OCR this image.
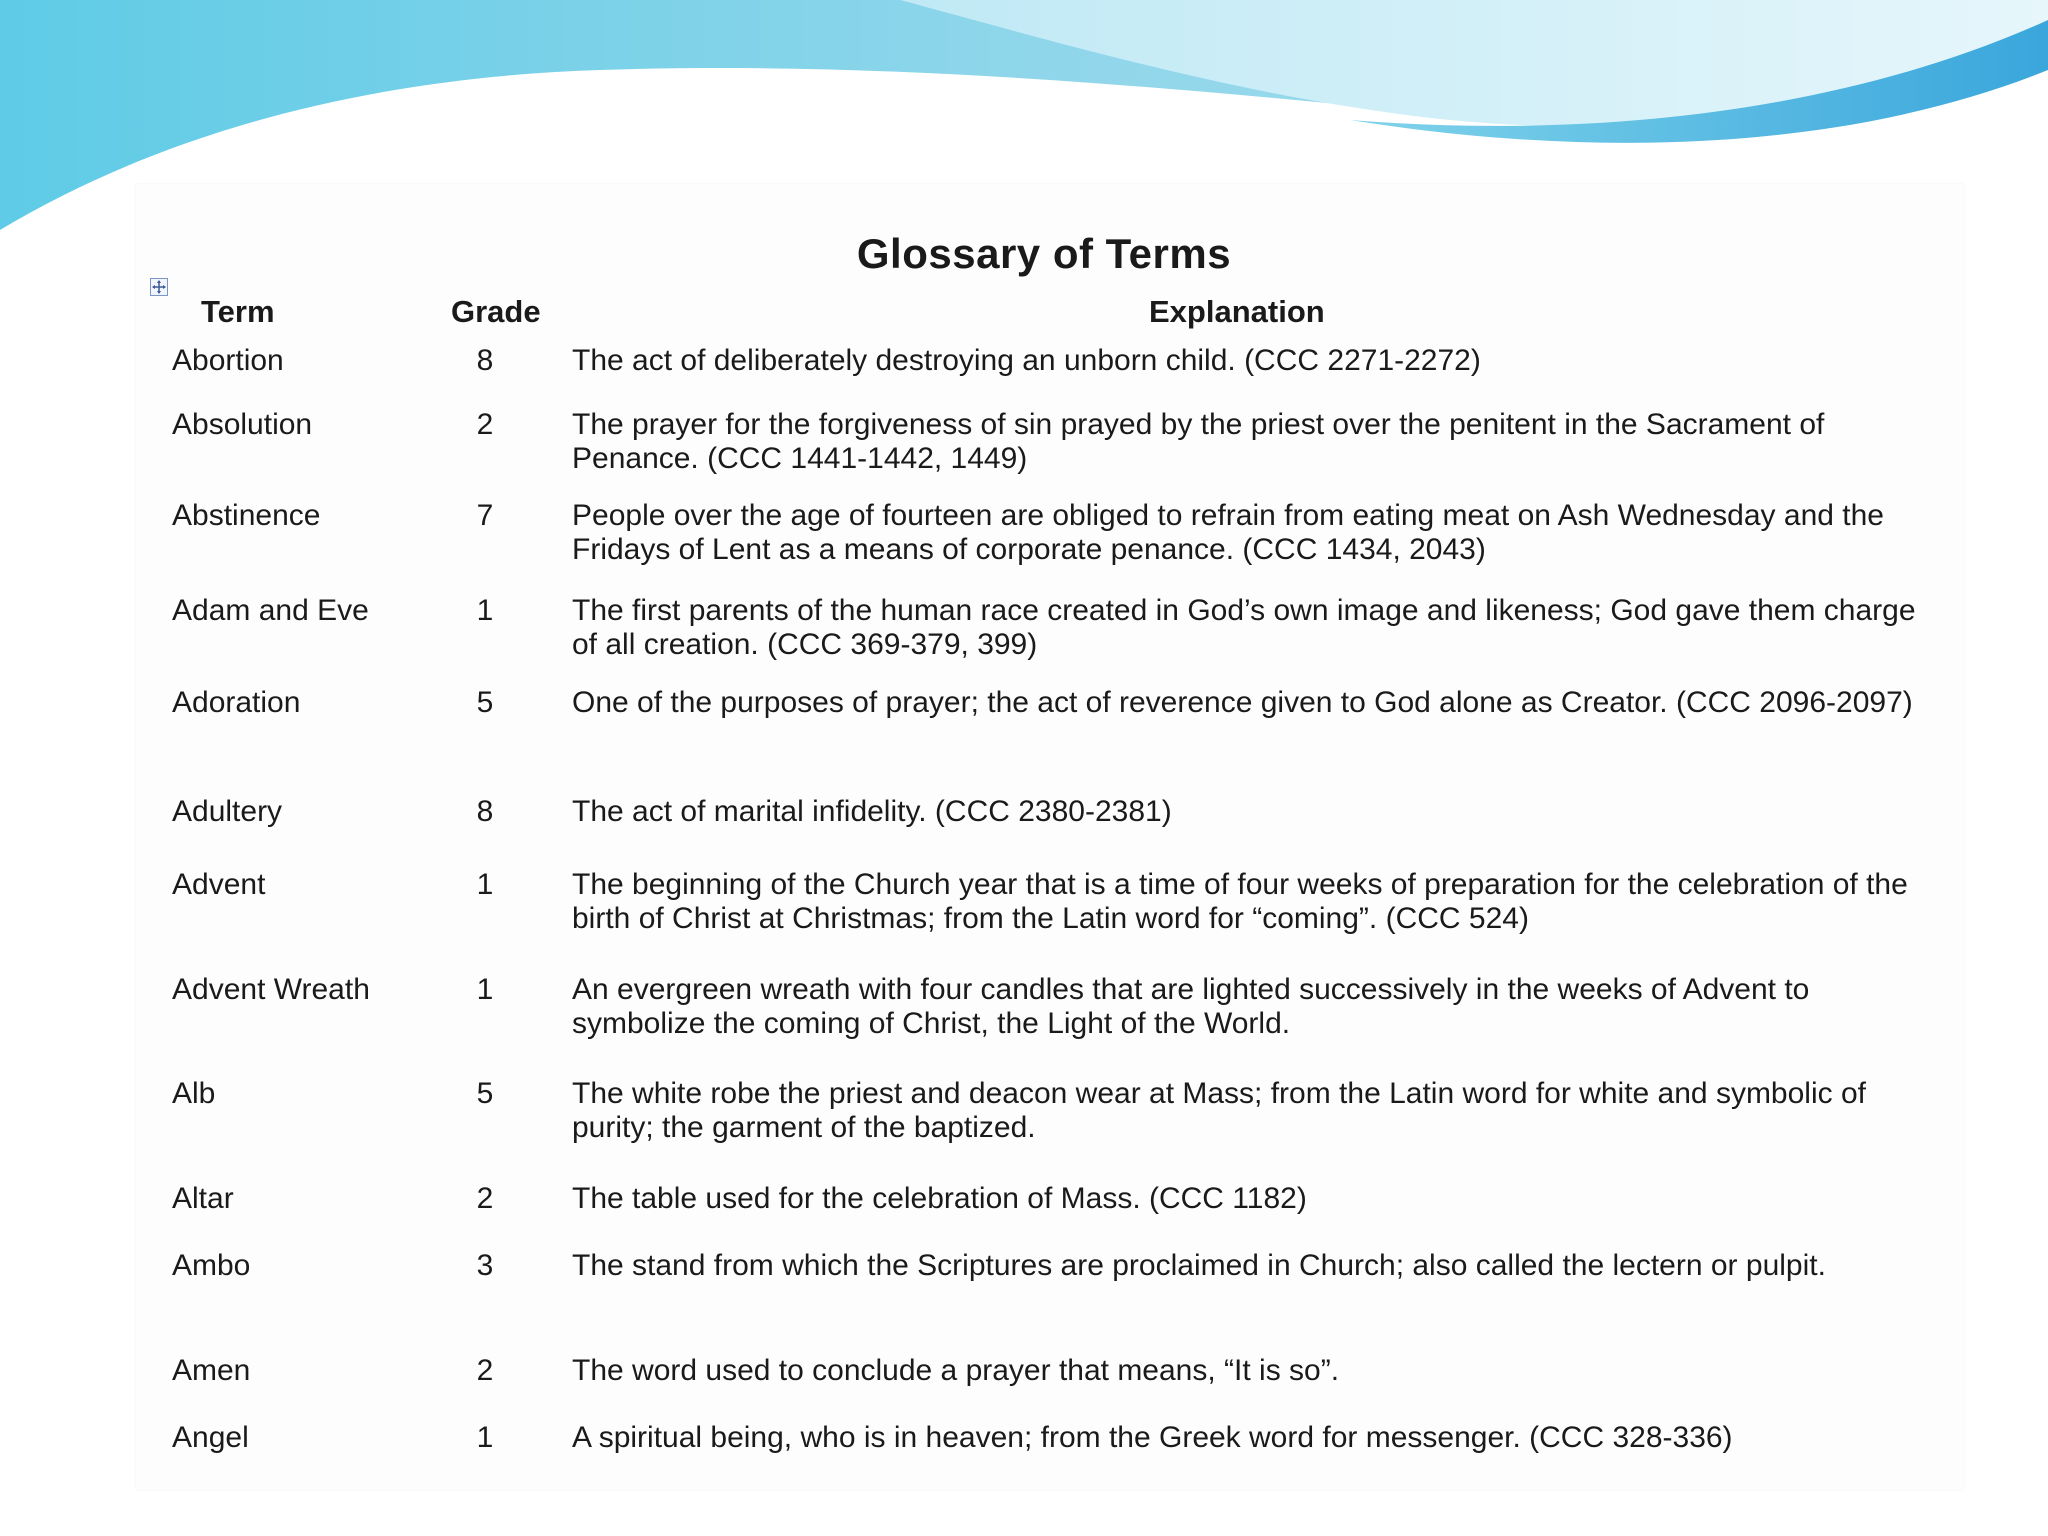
Glossary of Terms
Term	Grade	Explanation
Abortion	8	The act of deliberately destroying an unborn child. (CCC 2271-2272)
Absolution	2	The prayer for the forgiveness of sin prayed by the priest over the penitent in the Sacrament of Penance. (CCC 1441-1442, 1449)
Abstinence	7	People over the age of fourteen are obliged to refrain from eating meat on Ash Wednesday and the Fridays of Lent as a means of corporate penance. (CCC 1434, 2043)
Adam and Eve	1	The first parents of the human race created in God’s own image and likeness; God gave them charge of all creation. (CCC 369-379, 399)
Adoration	5	One of the purposes of prayer; the act of reverence given to God alone as Creator. (CCC 2096-2097)
Adultery	8	The act of marital infidelity. (CCC 2380-2381)
Advent	1	The beginning of the Church year that is a time of four weeks of preparation for the celebration of the birth of Christ at Christmas; from the Latin word for “coming”. (CCC 524)
Advent Wreath	1	An evergreen wreath with four candles that are lighted successively in the weeks of Advent to symbolize the coming of Christ, the Light of the World.
Alb	5	The white robe the priest and deacon wear at Mass; from the Latin word for white and symbolic of purity; the garment of the baptized.
Altar	2	The table used for the celebration of Mass. (CCC 1182)
Ambo	3	The stand from which the Scriptures are proclaimed in Church; also called the lectern or pulpit.
Amen	2	The word used to conclude a prayer that means, “It is so”.
Angel	1	A spiritual being, who is in heaven; from the Greek word for messenger. (CCC 328-336)
